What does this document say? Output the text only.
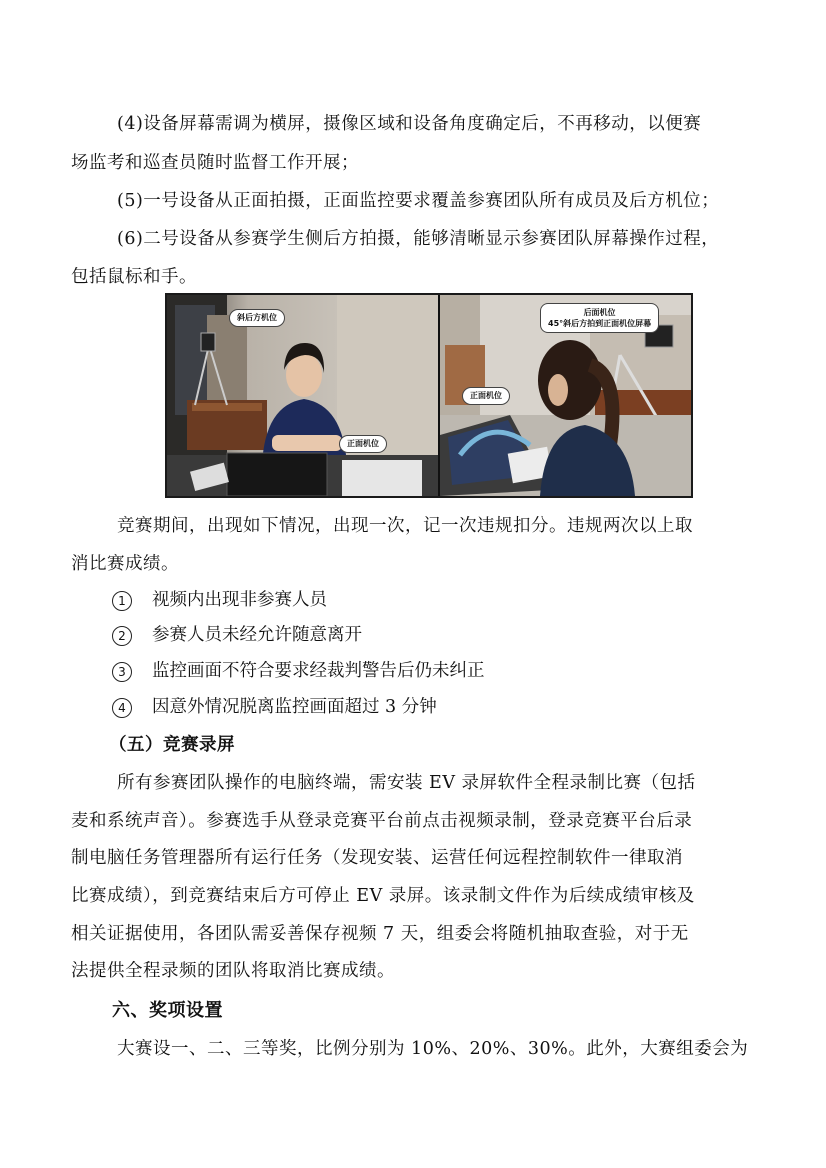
(4)设备屏幕需调为横屏，摄像区域和设备角度确定后，不再移动，以便赛
场监考和巡查员随时监督工作开展；
(5)一号设备从正面拍摄，正面监控要求覆盖参赛团队所有成员及后方机位；
(6)二号设备从参赛学生侧后方拍摄，能够清晰显示参赛团队屏幕操作过程，
包括鼠标和手。
斜后方机位
正面机位
后面机位
45°斜后方拍到正面机位屏幕
正面机位
竞赛期间，出现如下情况，出现一次，记一次违规扣分。违规两次以上取
消比赛成绩。
1 视频内出现非参赛人员
2 参赛人员未经允许随意离开
3 监控画面不符合要求经裁判警告后仍未纠正
4 因意外情况脱离监控画面超过 3 分钟
（五）竞赛录屏
所有参赛团队操作的电脑终端，需安装 EV 录屏软件全程录制比赛（包括
麦和系统声音）。参赛选手从登录竞赛平台前点击视频录制，登录竞赛平台后录
制电脑任务管理器所有运行任务（发现安装、运营任何远程控制软件一律取消
比赛成绩），到竞赛结束后方可停止 EV 录屏。该录制文件作为后续成绩审核及
相关证据使用，各团队需妥善保存视频 7 天，组委会将随机抽取查验，对于无
法提供全程录频的团队将取消比赛成绩。
六、奖项设置
大赛设一、二、三等奖，比例分别为 10%、20%、30%。此外，大赛组委会为
